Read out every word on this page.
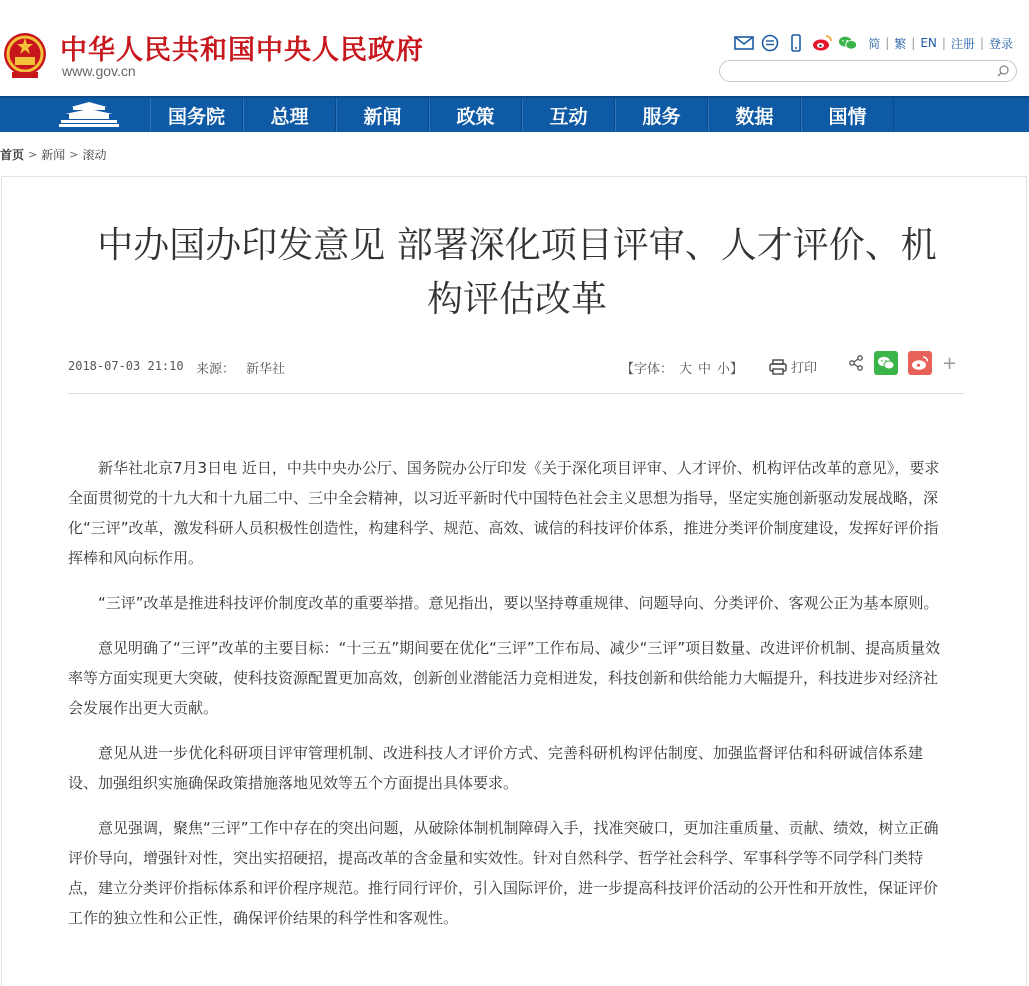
中华人民共和国中央人民政府
www.gov.cn
简 | 繁 | EN | 注册 | 登录
国务院	总理	新闻	政策	互动	服务	数据	国情
首页 > 新闻 > 滚动
中办国办印发意见 部署深化项目评审、人才评价、机
构评估改革
2018-07-03 21:10 来源： 新华社	【字体： 大 中 小】	打印	+

新华社北京7月3日电 近日，中共中央办公厅、国务院办公厅印发《关于深化项目评审、人才评价、机构评估改革的意见》，要求全面贯彻党的十九大和十九届二中、三中全会精神，以习近平新时代中国特色社会主义思想为指导，坚定实施创新驱动发展战略，深化“三评”改革，激发科研人员积极性创造性，构建科学、规范、高效、诚信的科技评价体系，推进分类评价制度建设，发挥好评价指挥棒和风向标作用。

“三评”改革是推进科技评价制度改革的重要举措。意见指出，要以坚持尊重规律、问题导向、分类评价、客观公正为基本原则。

意见明确了“三评”改革的主要目标：“十三五”期间要在优化“三评”工作布局、减少“三评”项目数量、改进评价机制、提高质量效率等方面实现更大突破，使科技资源配置更加高效，创新创业潜能活力竞相迸发，科技创新和供给能力大幅提升，科技进步对经济社会发展作出更大贡献。

意见从进一步优化科研项目评审管理机制、改进科技人才评价方式、完善科研机构评估制度、加强监督评估和科研诚信体系建设、加强组织实施确保政策措施落地见效等五个方面提出具体要求。

意见强调，聚焦“三评”工作中存在的突出问题，从破除体制机制障碍入手，找准突破口，更加注重质量、贡献、绩效，树立正确评价导向，增强针对性，突出实招硬招，提高改革的含金量和实效性。针对自然科学、哲学社会科学、军事科学等不同学科门类特点，建立分类评价指标体系和评价程序规范。推行同行评价，引入国际评价，进一步提高科技评价活动的公开性和开放性，保证评价工作的独立性和公正性，确保评价结果的科学性和客观性。
